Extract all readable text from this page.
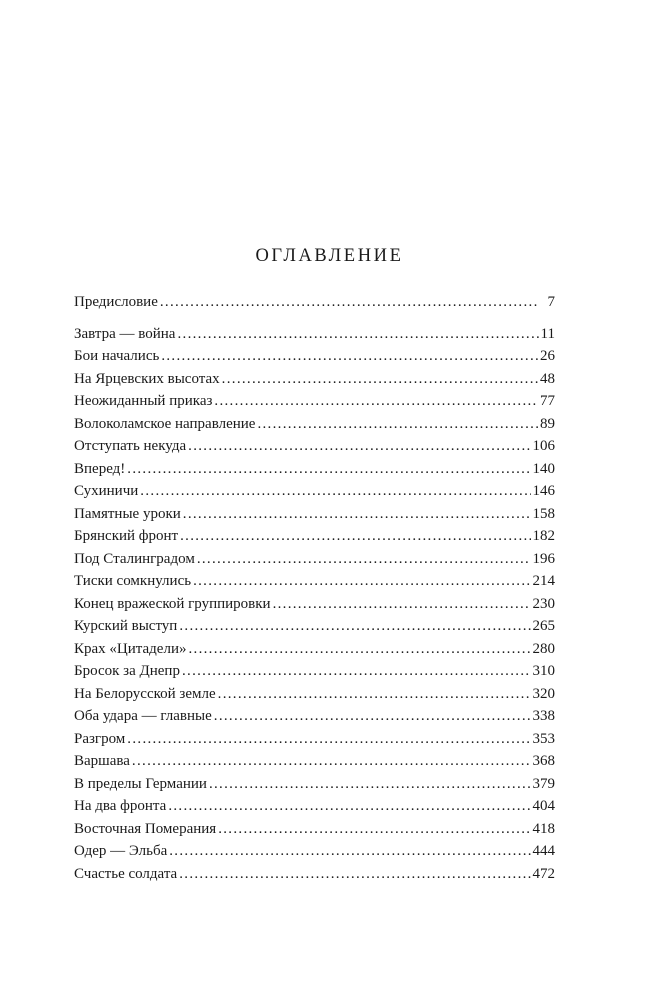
ОГЛАВЛЕНИЕ
Предисловие .....	7
Завтра — война .....	11
Бои начались .....	26
На Ярцевских высотах .....	48
Неожиданный приказ .....	77
Волоколамское направление .....	89
Отступать некуда .....	106
Вперед! .....	140
Сухиничи .....	146
Памятные уроки .....	158
Брянский фронт .....	182
Под Сталинградом .....	196
Тиски сомкнулись .....	214
Конец вражеской группировки .....	230
Курский выступ .....	265
Крах «Цитадели» .....	280
Бросок за Днепр .....	310
На Белорусской земле .....	320
Оба удара — главные .....	338
Разгром .....	353
Варшава .....	368
В пределы Германии .....	379
На два фронта .....	404
Восточная Померания .....	418
Одер — Эльба .....	444
Счастье солдата .....	472
